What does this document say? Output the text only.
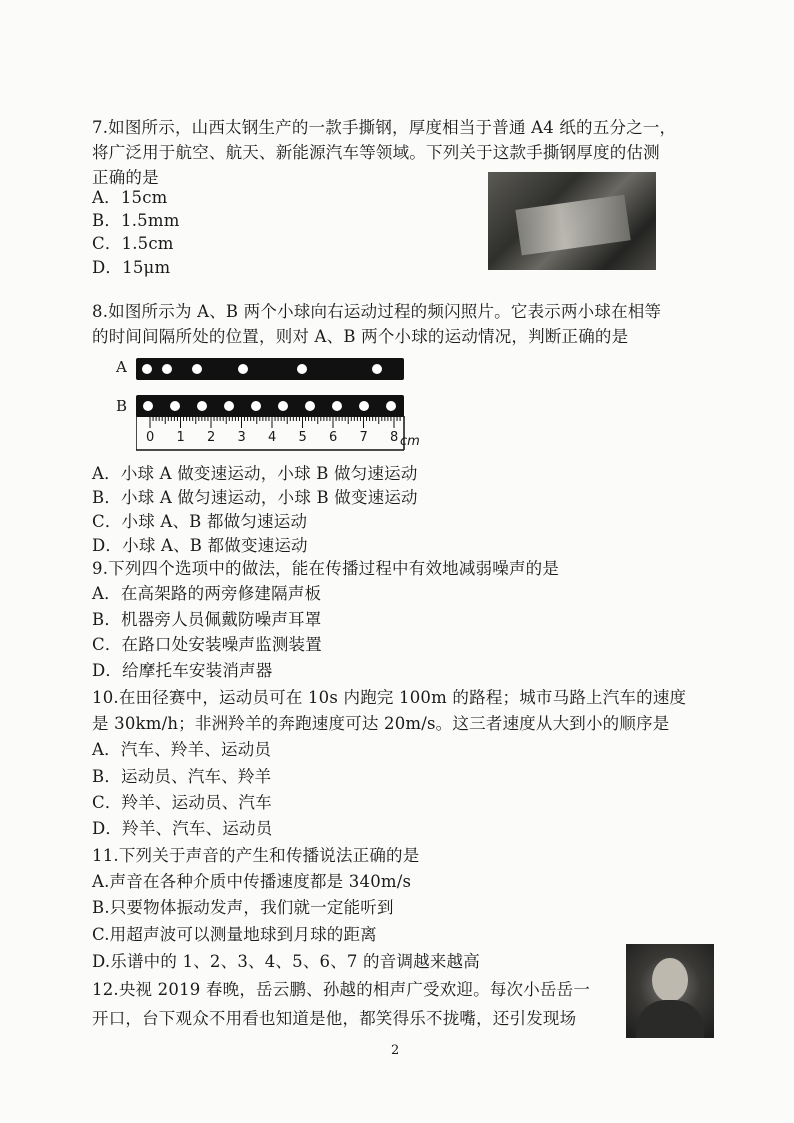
7.如图所示，山西太钢生产的一款手撕钢，厚度相当于普通 A4 纸的五分之一，
将广泛用于航空、航天、新能源汽车等领域。下列关于这款手撕钢厚度的估测
正确的是
A．15cm
B．1.5mm
C．1.5cm
D．15μm
8.如图所示为 A、B 两个小球向右运动过程的频闪照片。它表示两小球在相等
的时间间隔所处的位置，则对 A、B 两个小球的运动情况，判断正确的是
A
B
0 1 2 3 4 5 6 7 8 cm
A．小球 A 做变速运动，小球 B 做匀速运动
B．小球 A 做匀速运动，小球 B 做变速运动
C．小球 A、B 都做匀速运动
D．小球 A、B 都做变速运动
9.下列四个选项中的做法，能在传播过程中有效地减弱噪声的是
A．在高架路的两旁修建隔声板
B．机器旁人员佩戴防噪声耳罩
C．在路口处安装噪声监测装置
D．给摩托车安装消声器
10.在田径赛中，运动员可在 10s 内跑完 100m 的路程；城市马路上汽车的速度
是 30km/h；非洲羚羊的奔跑速度可达 20m/s。这三者速度从大到小的顺序是
A．汽车、羚羊、运动员
B．运动员、汽车、羚羊
C．羚羊、运动员、汽车
D．羚羊、汽车、运动员
11.下列关于声音的产生和传播说法正确的是
A.声音在各种介质中传播速度都是 340m/s
B.只要物体振动发声，我们就一定能听到
C.用超声波可以测量地球到月球的距离
D.乐谱中的 1、2、3、4、5、6、7 的音调越来越高
12.央视 2019 春晚，岳云鹏、孙越的相声广受欢迎。每次小岳岳一
开口，台下观众不用看也知道是他，都笑得乐不拢嘴，还引发现场
2
